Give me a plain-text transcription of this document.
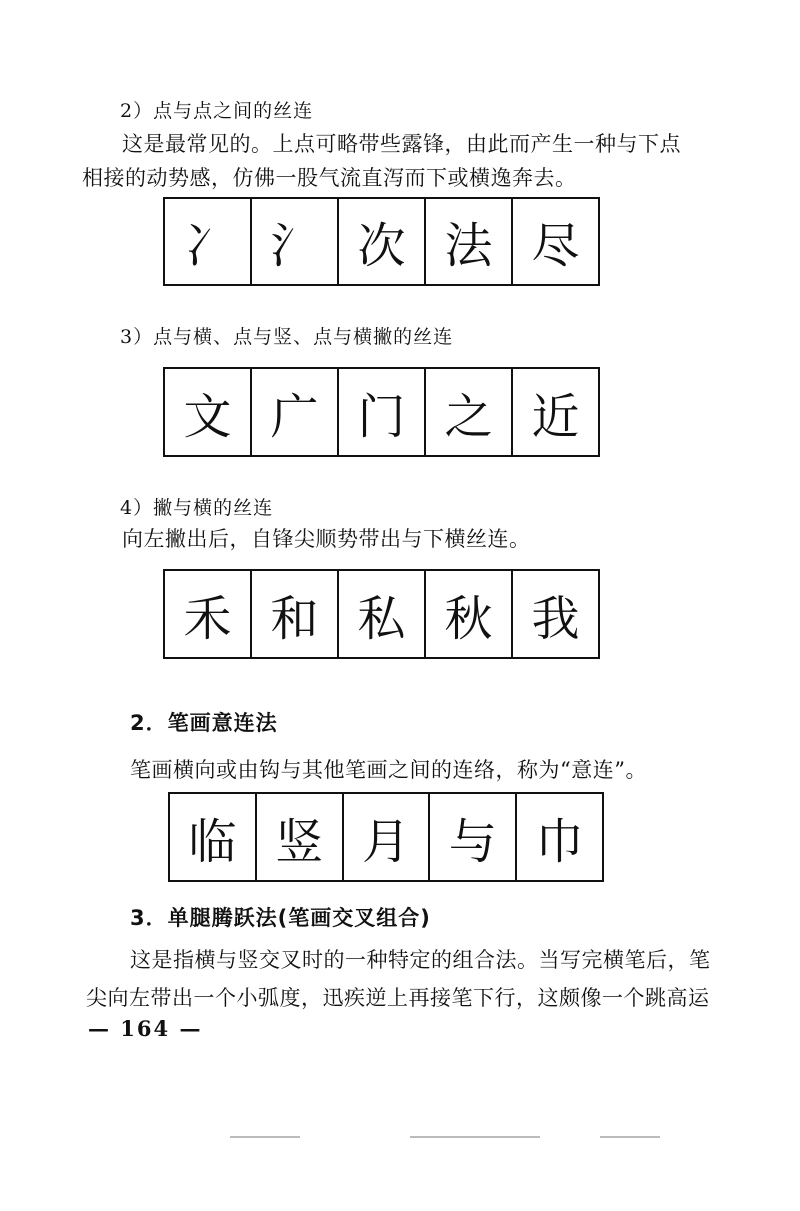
2）点与点之间的丝连
这是最常见的。上点可略带些露锋，由此而产生一种与下点
相接的动势感，仿佛一股气流直泻而下或横逸奔去。
冫 氵 次 法 尽
3）点与横、点与竖、点与横撇的丝连
文 广 门 之 近
4）撇与横的丝连
向左撇出后，自锋尖顺势带出与下横丝连。
禾 和 私 秋 我
2．笔画意连法
笔画横向或由钩与其他笔画之间的连络，称为“意连”。
临 竖 月 与 巾
3．单腿腾跃法(笔画交叉组合)
这是指横与竖交叉时的一种特定的组合法。当写完横笔后，笔
尖向左带出一个小弧度，迅疾逆上再接笔下行，这颇像一个跳高运
— 164 —
